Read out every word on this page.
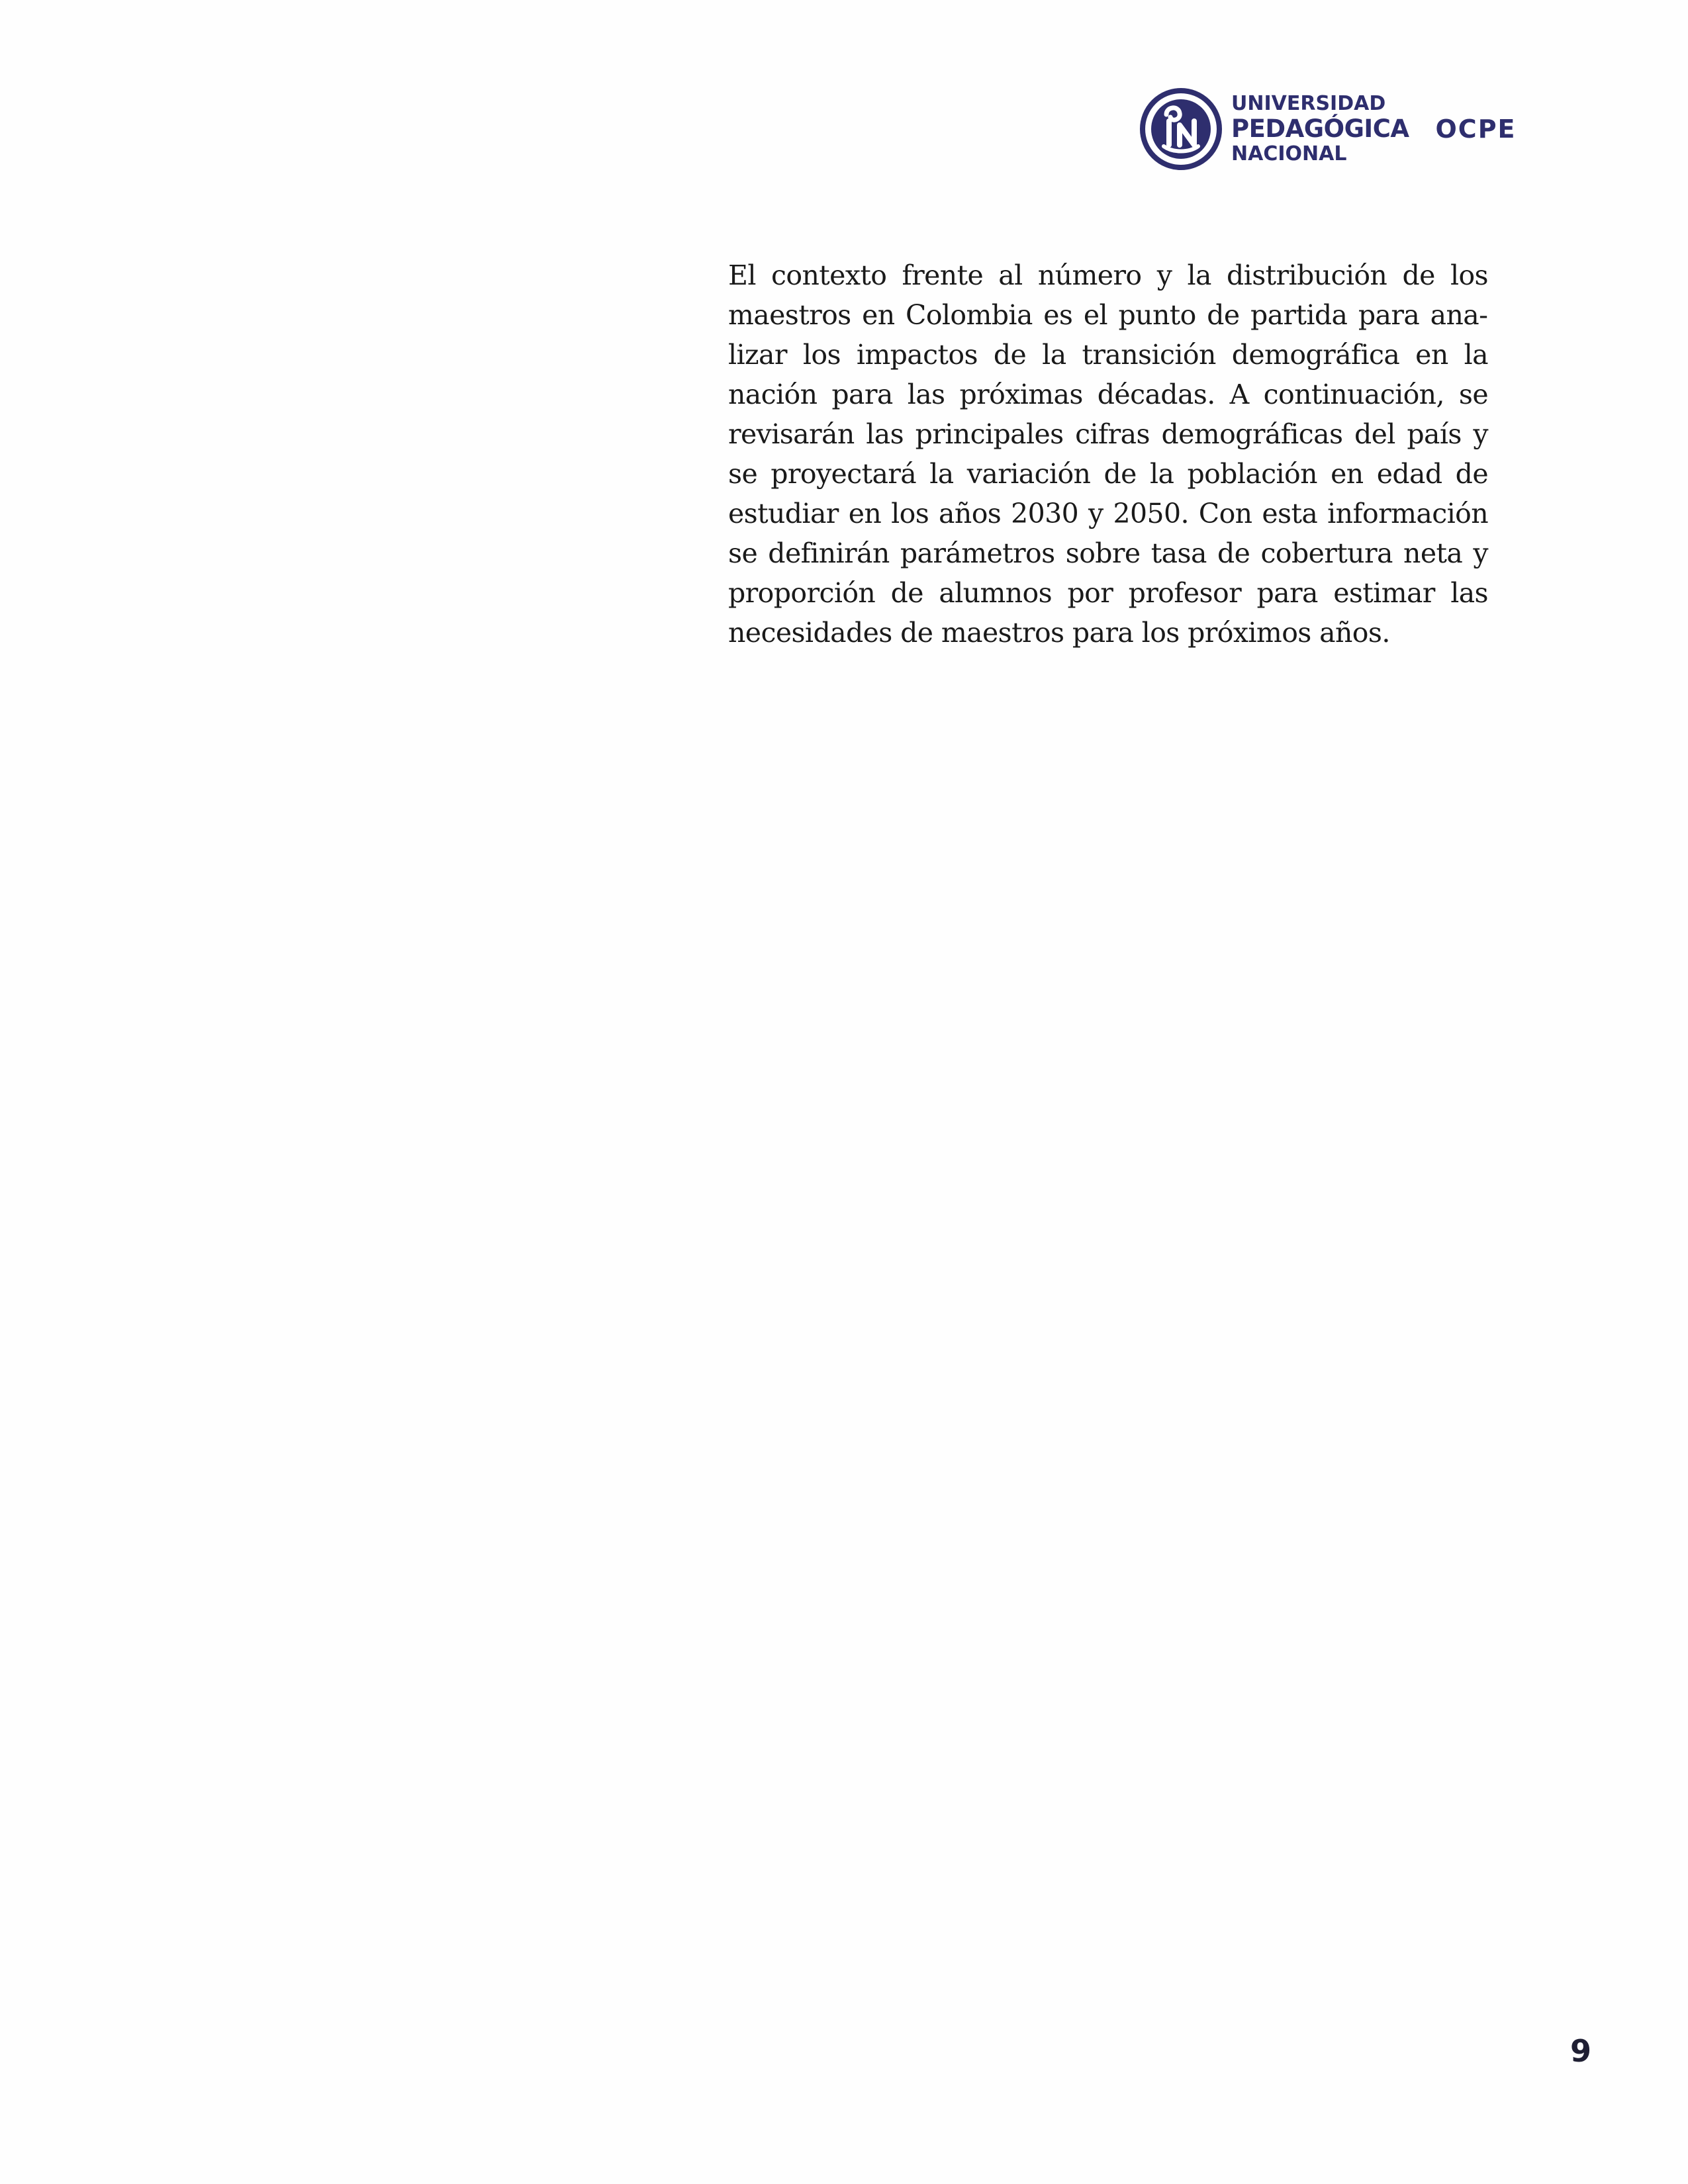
UNIVERSIDAD
PEDAGÓGICA
NACIONAL
OCPE

El contexto frente al número y la distribución de los maestros en Colombia es el punto de partida para analizar los impactos de la transición demográfica en la nación para las próximas décadas. A continuación, se revisarán las principales cifras demográficas del país y se proyectará la variación de la población en edad de estudiar en los años 2030 y 2050. Con esta información se definirán parámetros sobre tasa de cobertura neta y proporción de alumnos por profesor para estimar las necesidades de maestros para los próximos años.

9
